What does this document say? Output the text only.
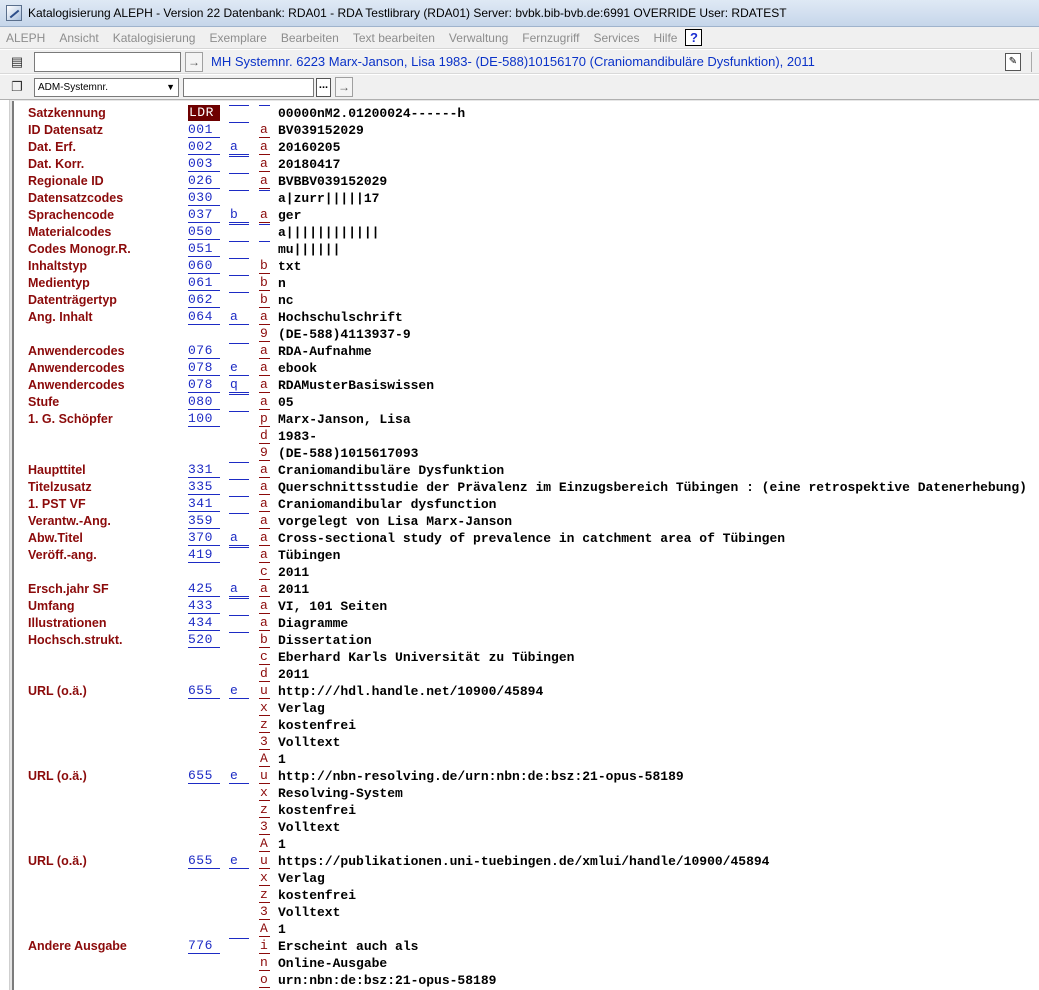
Katalogisierung ALEPH - Version 22 Datenbank: RDA01 - RDA Testlibrary (RDA01) Server: bvbk.bib-bvb.de:6991 OVERRIDE User: RDATEST
ALEPH Ansicht Katalogisierung Exemplare Bearbeiten Text bearbeiten Verwaltung Fernzugriff Services Hilfe ?
▤	→ MH Systemnr. 6223 Marx-Janson, Lisa 1983- (DE-588)10156170 (Craniomandibuläre Dysfunktion), 2011	✎
❐	ADM-Systemnr.	▼	... →
Satzkennung	LDR	00000nM2.01200024------h
ID Datensatz	001	a BV039152029
Dat. Erf.	002	a	a 20160205
Dat. Korr.	003	a 20180417
Regionale ID	026	a BVBBV039152029
Datensatzcodes	030	a|zurr|||||17
Sprachencode	037	b	a ger
Materialcodes	050	a||||||||||||
Codes Monogr.R.	051	mu||||||
Inhaltstyp	060	b txt
Medientyp	061	b n
Datenträgertyp	062	b nc
Ang. Inhalt	064	a	a Hochschulschrift
9 (DE-588)4113937-9
Anwendercodes	076	a RDA-Aufnahme
Anwendercodes	078	e	a ebook
Anwendercodes	078	q	a RDAMusterBasiswissen
Stufe	080	a 05
1. G. Schöpfer	100	p Marx-Janson, Lisa
d 1983-
9 (DE-588)1015617093
Haupttitel	331	a Craniomandibuläre Dysfunktion
Titelzusatz	335	a Querschnittsstudie der Prävalenz im Einzugsbereich Tübingen : (eine retrospektive Datenerhebung)
1. PST VF	341	a Craniomandibular dysfunction
Verantw.-Ang.	359	a vorgelegt von Lisa Marx-Janson
Abw.Titel	370	a	a Cross-sectional study of prevalence in catchment area of Tübingen
Veröff.-ang.	419	a Tübingen
c 2011
Ersch.jahr SF	425	a	a 2011
Umfang	433	a VI, 101 Seiten
Illustrationen	434	a Diagramme
Hochsch.strukt.	520	b Dissertation
c Eberhard Karls Universität zu Tübingen
d 2011
URL (o.ä.)	655	e	u http:///hdl.handle.net/10900/45894
x Verlag
z kostenfrei
3 Volltext
A 1
URL (o.ä.)	655	e	u http://nbn-resolving.de/urn:nbn:de:bsz:21-opus-58189
x Resolving-System
z kostenfrei
3 Volltext
A 1
URL (o.ä.)	655	e	u https://publikationen.uni-tuebingen.de/xmlui/handle/10900/45894
x Verlag
z kostenfrei
3 Volltext
A 1
Andere Ausgabe	776	i Erscheint auch als
n Online-Ausgabe
o urn:nbn:de:bsz:21-opus-58189
